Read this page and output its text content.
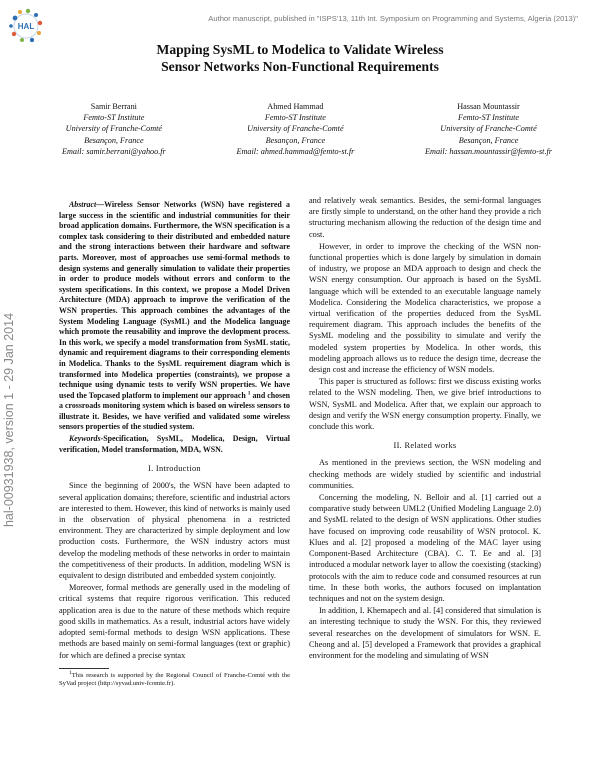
HAL
Author manuscript, published in "ISPS'13, 11th Int. Symposium on Programming and Systems, Algeria (2013)"
hal-00931938, version 1 - 29 Jan 2014
Mapping SysML to Modelica to Validate Wireless
Sensor Networks Non-Functional Requirements
Samir Berrani
Femto-ST Institute
University of Franche-Comté
Besançon, France
Email: samir.berrani@yahoo.fr
Ahmed Hammad
Femto-ST Institute
University of Franche-Comté
Besançon, France
Email: ahmed.hammad@femto-st.fr
Hassan Mountassir
Femto-ST Institute
University of Franche-Comté
Besançon, France
Email: hassan.mountassir@femto-st.fr

Abstract—Wireless Sensor Networks (WSN) have registered a large success in the scientific and industrial communities for their broad application domains. Furthermore, the WSN specification is a complex task considering to their distributed and embedded nature and the strong interactions between their hardware and software parts. Moreover, most of approaches use semi-formal methods to design systems and generally simulation to validate their properties in order to produce models without errors and conform to the system specifications. In this context, we propose a Model Driven Architecture (MDA) approach to improve the verification of the WSN properties. This approach combines the advantages of the System Modeling Language (SysML) and the Modelica language which promote the reusability and improve the devlopment process. In this work, we specify a model transformation from SysML static, dynamic and requirement diagrams to their corresponding elements in Modelica. Thanks to the SysML requirement diagram which is transformed into Modelica properties (constraints), we propose a technique using dynamic tests to verify WSN properties. We have used the Topcased platform to implement our approach $^1$ and chosen a crossroads monitoring system which is based on wireless sensors to illustrate it. Besides, we have verified and validated some wireless sensors properties of the studied system.

Keywords-Specification, SysML, Modelica, Design, Virtual verification, Model transformation, MDA, WSN.

I. Introduction

Since the beginning of 2000's, the WSN have been adapted to several application domains; therefore, scientific and industrial actors are interested to them. However, this kind of networks is mainly used in the observation of physical phenomena in a restricted environment. They are characterized by simple deployment and low production costs. Furthermore, the WSN industry actors must develop the modeling methods of these networks in order to maintain the competitiveness of their products. In addition, modeling WSN is equivalent to design distributed and embedded system conjointly.

Moreover, formal methods are generally used in the modeling of critical systems that require rigorous verification. This reduced application area is due to the nature of these methods which require good skills in mathematics. As a result, industrial actors have widely adopted semi-formal methods to design WSN applications. These methods are based mainly on semi-formal languages (text or graphic) for which are defined a precise syntax

$^1$This research is supported by the Regional Council of Franche-Comté with the SyVad project (http://syvad.univ-fcomte.fr).

and relatively weak semantics. Besides, the semi-formal languages are firstly simple to understand, on the other hand they provide a rich structuring mechanism allowing the reduction of the design time and cost.

However, in order to improve the checking of the WSN non-functional properties which is done largely by simulation in domain of industry, we propose an MDA approach to design and check the WSN energy consumption. Our approach is based on the SysML language which will be extended to an executable language namely Modelica. Considering the Modelica characteristics, we propose a virtual verification of the properties deduced from the SysML requirement diagram. This approach includes the benefits of the SysML modeling and the possibility to simulate and verify the modeled system properties by Modelica. In other words, this modeling approach allows us to reduce the design time, decrease the design cost and increase the efficiency of WSN models.

This paper is structured as follows: first we discuss existing works related to the WSN modeling. Then, we give brief introductions to WSN, SysML and Modelica. After that, we explain our approach to design and verify the WSN energy consumption property. Finally, we conclude this work.

II. Related works

As mentioned in the previews section, the WSN modeling and checking methods are widely studied by scientific and industrial communities.

Concerning the modeling, N. Belloir and al. [1] carried out a comparative study between UML2 (Unified Modeling Language 2.0) and SysML related to the design of WSN applications. Other studies have focused on improving code reusability of WSN protocol. K. Klues and al. [2] proposed a modeling of the MAC layer using Component-Based Architecture (CBA). C. T. Ee and al. [3] introduced a modular network layer to allow the coexisting (stacking) protocols with the aim to reduce code and consumed resources at run time. In these both works, the authors focused on implantation techniques and not on the system design.

In addition, I. Khemapech and al. [4] considered that simulation is an interesting technique to study the WSN. For this, they reviewed several researches on the development of simulators for WSN. E. Cheong and al. [5] developed a Framework that provides a graphical environment for the modeling and simulating of WSN
